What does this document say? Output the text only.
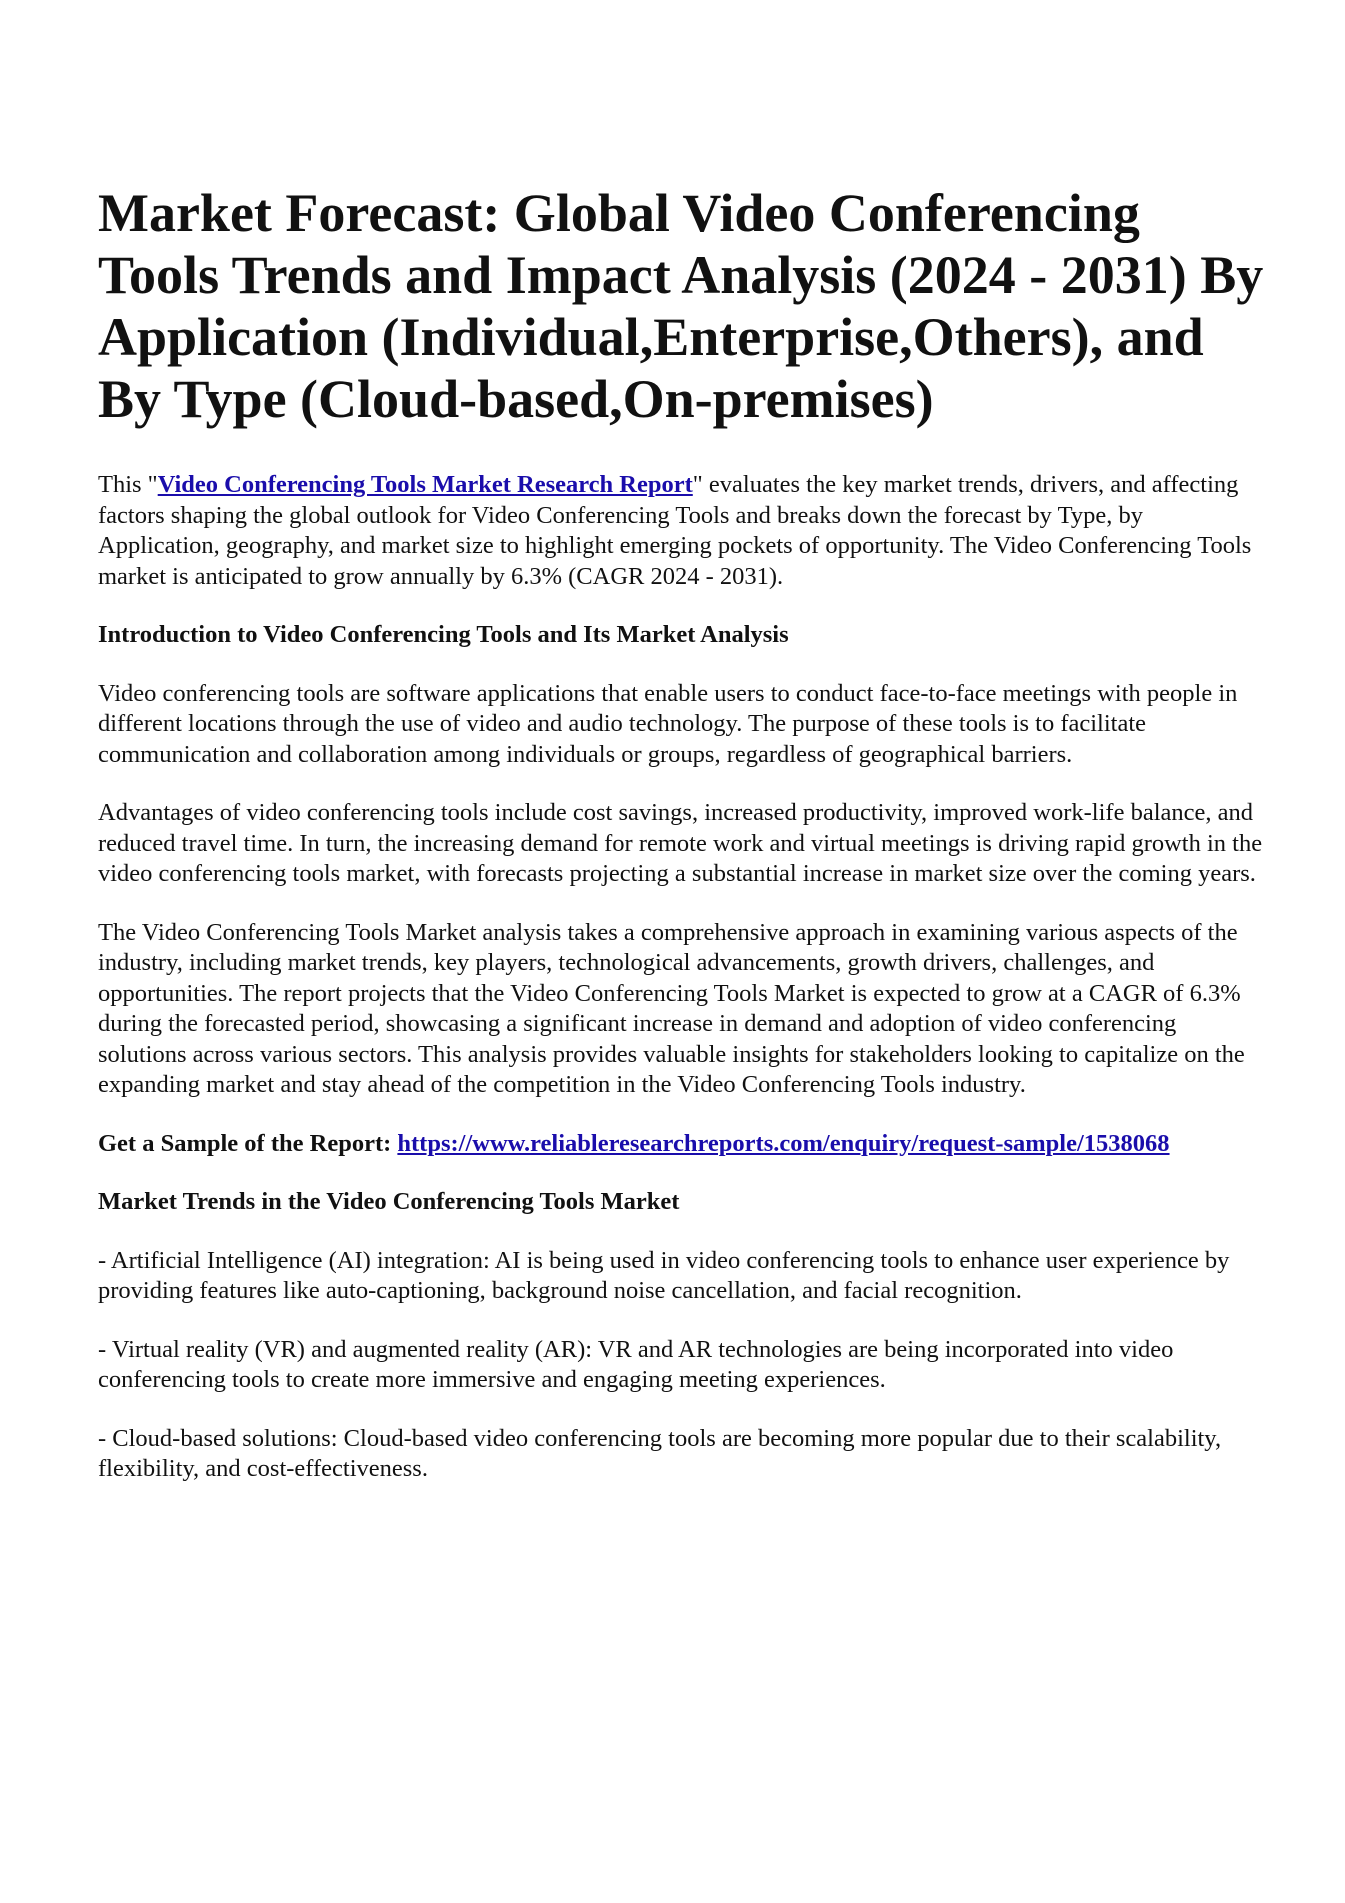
Market Forecast: Global Video Conferencing Tools Trends and Impact Analysis (2024 - 2031) By Application (Individual,Enterprise,Others), and By Type (Cloud-based,On-premises)

This "Video Conferencing Tools Market Research Report" evaluates the key market trends, drivers, and affecting factors shaping the global outlook for Video Conferencing Tools and breaks down the forecast by Type, by Application, geography, and market size to highlight emerging pockets of opportunity. The Video Conferencing Tools market is anticipated to grow annually by 6.3% (CAGR 2024 - 2031).

Introduction to Video Conferencing Tools and Its Market Analysis

Video conferencing tools are software applications that enable users to conduct face-to-face meetings with people in different locations through the use of video and audio technology. The purpose of these tools is to facilitate communication and collaboration among individuals or groups, regardless of geographical barriers.

Advantages of video conferencing tools include cost savings, increased productivity, improved work-life balance, and reduced travel time. In turn, the increasing demand for remote work and virtual meetings is driving rapid growth in the video conferencing tools market, with forecasts projecting a substantial increase in market size over the coming years.

The Video Conferencing Tools Market analysis takes a comprehensive approach in examining various aspects of the industry, including market trends, key players, technological advancements, growth drivers, challenges, and opportunities. The report projects that the Video Conferencing Tools Market is expected to grow at a CAGR of 6.3% during the forecasted period, showcasing a significant increase in demand and adoption of video conferencing solutions across various sectors. This analysis provides valuable insights for stakeholders looking to capitalize on the expanding market and stay ahead of the competition in the Video Conferencing Tools industry.

Get a Sample of the Report: https://www.reliableresearchreports.com/enquiry/request-sample/1538068

Market Trends in the Video Conferencing Tools Market

- Artificial Intelligence (AI) integration: AI is being used in video conferencing tools to enhance user experience by providing features like auto-captioning, background noise cancellation, and facial recognition.

- Virtual reality (VR) and augmented reality (AR): VR and AR technologies are being incorporated into video conferencing tools to create more immersive and engaging meeting experiences.

- Cloud-based solutions: Cloud-based video conferencing tools are becoming more popular due to their scalability, flexibility, and cost-effectiveness.
